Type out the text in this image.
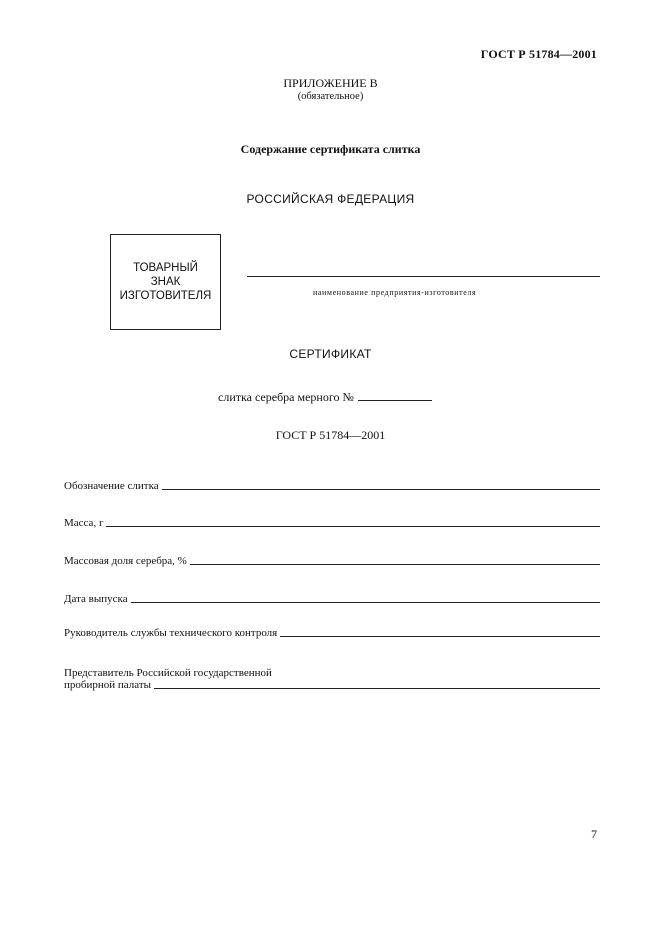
ГОСТ Р 51784—2001
ПРИЛОЖЕНИЕ В
(обязательное)
Содержание сертификата слитка
РОССИЙСКАЯ ФЕДЕРАЦИЯ
ТОВАРНЫЙ
ЗНАК
ИЗГОТОВИТЕЛЯ	наименование предприятия-изготовителя
СЕРТИФИКАТ
слитка серебра мерного №
ГОСТ Р 51784—2001
Обозначение слитка
Масса, г
Массовая доля серебра, %
Дата выпуска
Руководитель службы технического контроля
Представитель Российской государственной
пробирной палаты
7
